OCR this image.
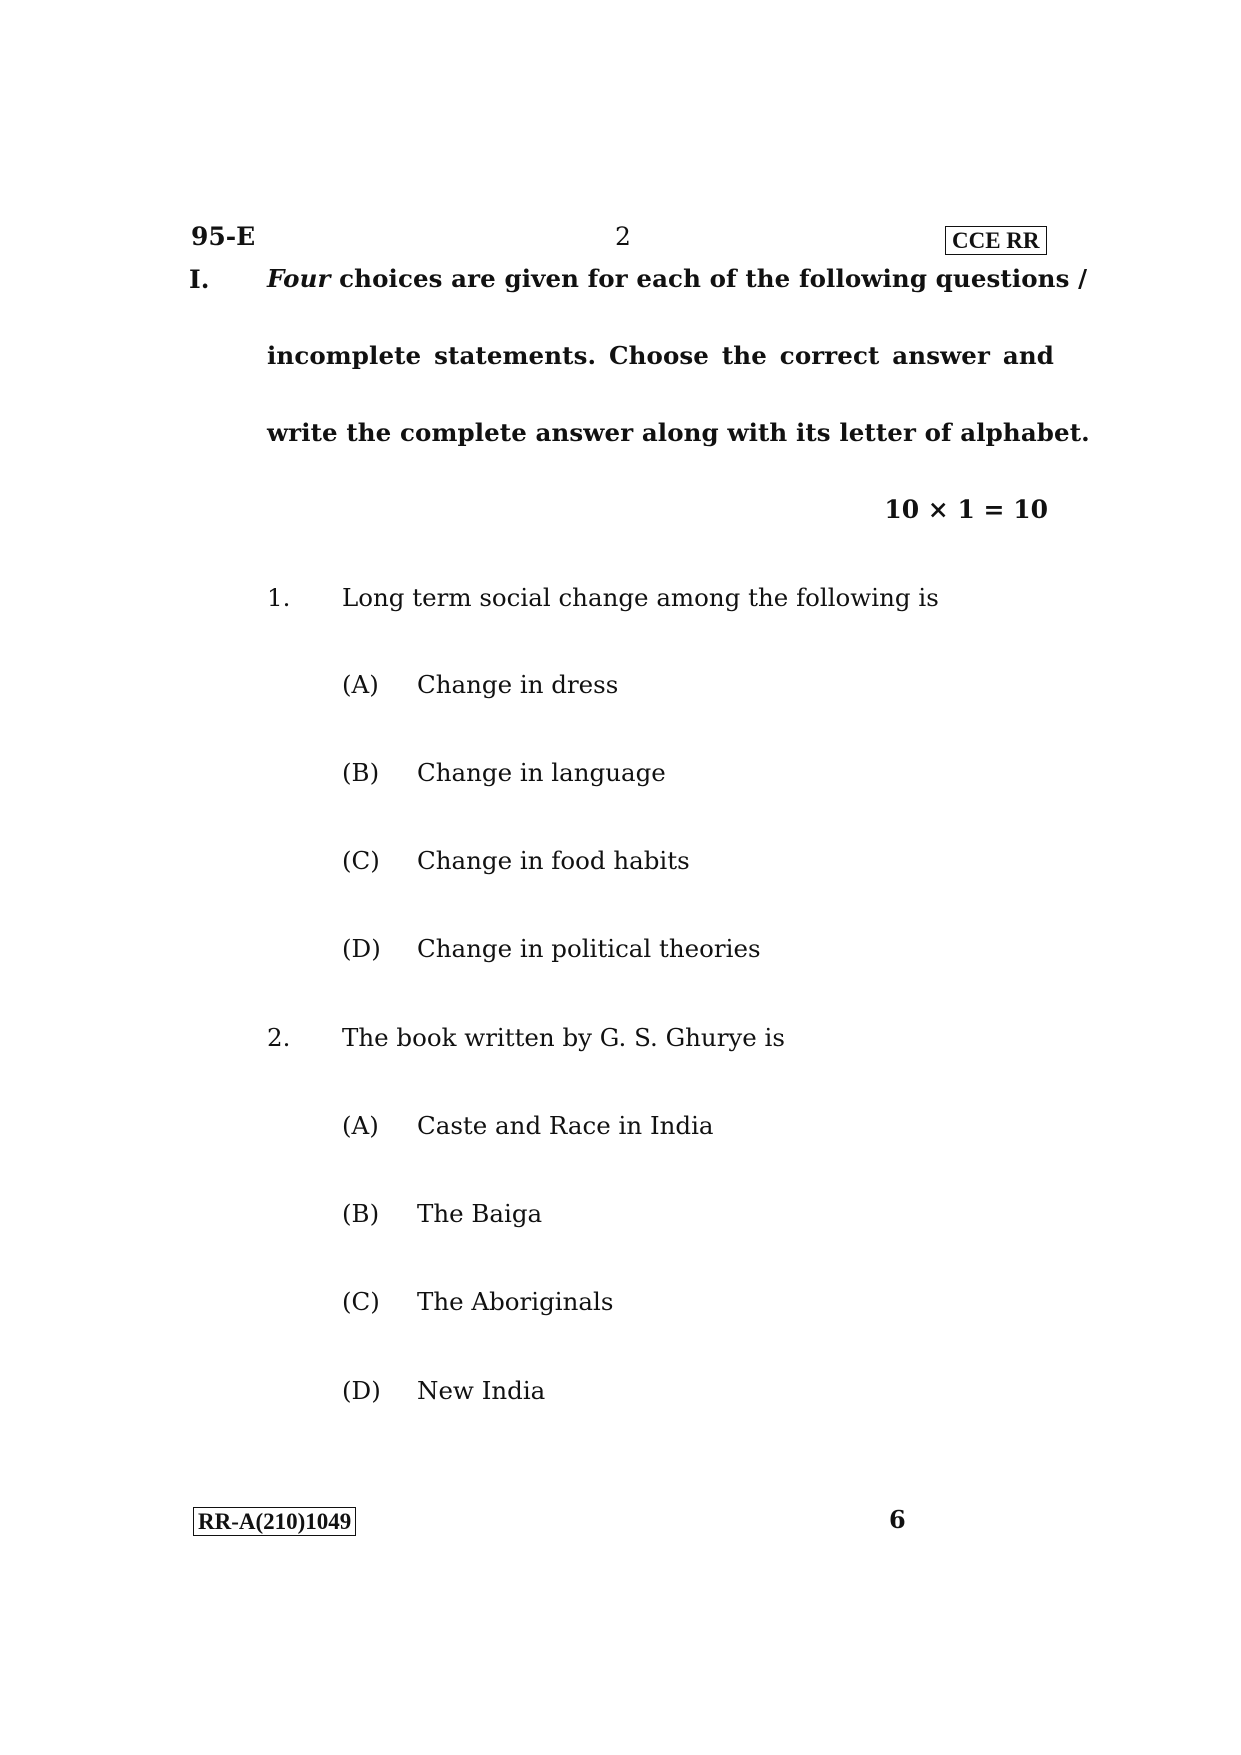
95-E	2	CCE RR
I. Four choices are given for each of the following questions /
incomplete statements. Choose the correct answer and
write the complete answer along with its letter of alphabet.
10 × 1 = 10
1. Long term social change among the following is
(A) Change in dress
(B) Change in language
(C) Change in food habits
(D) Change in political theories
2. The book written by G. S. Ghurye is
(A) Caste and Race in India
(B) The Baiga
(C) The Aboriginals
(D) New India
RR-A(210)1049	6
